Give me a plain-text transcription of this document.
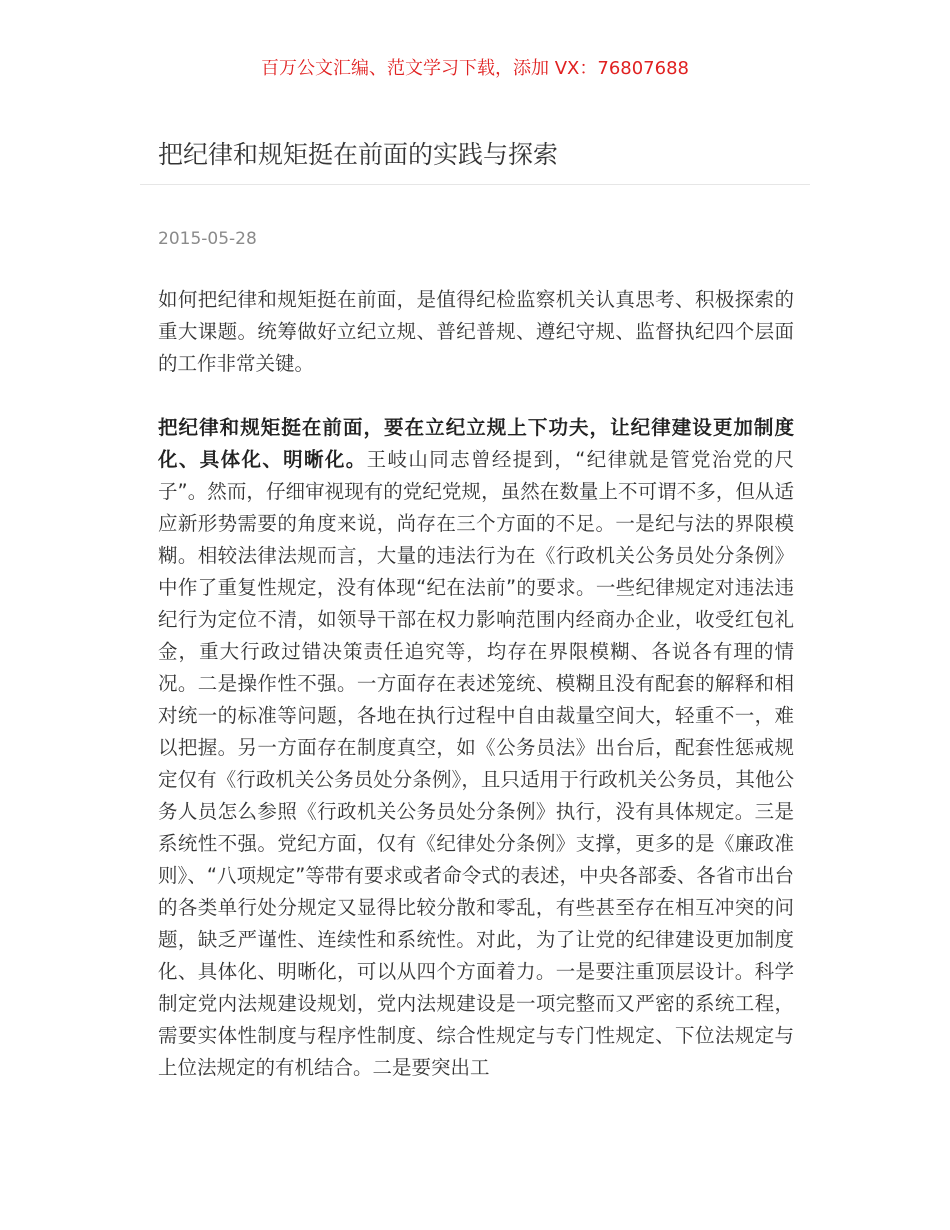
百万公文汇编、范文学习下载，添加 VX：76807688
把纪律和规矩挺在前面的实践与探索
2015-05-28

如何把纪律和规矩挺在前面，是值得纪检监察机关认真思考、积极探索的重大课题。统筹做好立纪立规、普纪普规、遵纪守规、监督执纪四个层面的工作非常关键。

把纪律和规矩挺在前面，要在立纪立规上下功夫，让纪律建设更加制度化、具体化、明晰化。王岐山同志曾经提到，“纪律就是管党治党的尺子”。然而，仔细审视现有的党纪党规，虽然在数量上不可谓不多，但从适应新形势需要的角度来说，尚存在三个方面的不足。一是纪与法的界限模糊。相较法律法规而言，大量的违法行为在《行政机关公务员处分条例》中作了重复性规定，没有体现“纪在法前”的要求。一些纪律规定对违法违纪行为定位不清，如领导干部在权力影响范围内经商办企业，收受红包礼金，重大行政过错决策责任追究等，均存在界限模糊、各说各有理的情况。二是操作性不强。一方面存在表述笼统、模糊且没有配套的解释和相对统一的标准等问题，各地在执行过程中自由裁量空间大，轻重不一，难以把握。另一方面存在制度真空，如《公务员法》出台后，配套性惩戒规定仅有《行政机关公务员处分条例》，且只适用于行政机关公务员，其他公务人员怎么参照《行政机关公务员处分条例》执行，没有具体规定。三是系统性不强。党纪方面，仅有《纪律处分条例》支撑，更多的是《廉政准则》、“八项规定”等带有要求或者命令式的表述，中央各部委、各省市出台的各类单行处分规定又显得比较分散和零乱，有些甚至存在相互冲突的问题，缺乏严谨性、连续性和系统性。对此，为了让党的纪律建设更加制度化、具体化、明晰化，可以从四个方面着力。一是要注重顶层设计。科学制定党内法规建设规划，党内法规建设是一项完整而又严密的系统工程，需要实体性制度与程序性制度、综合性规定与专门性规定、下位法规定与上位法规定的有机结合。二是要突出工
